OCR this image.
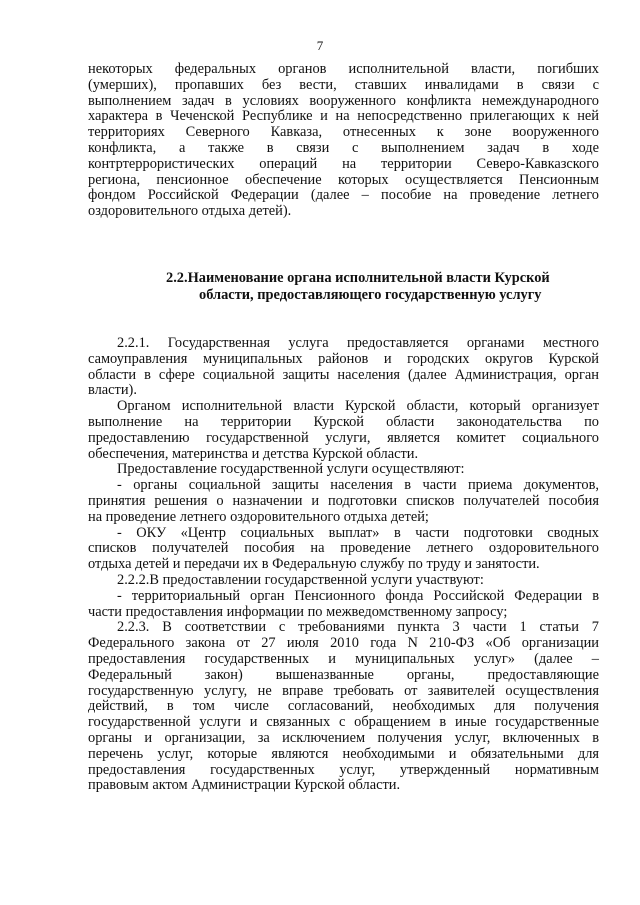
7
некоторых федеральных органов исполнительной власти, погибших
(умерших), пропавших без вести, ставших инвалидами в связи с
выполнением задач в условиях вооруженного конфликта немеждународного
характера в Чеченской Республике и на непосредственно прилегающих к ней
территориях Северного Кавказа, отнесенных к зоне вооруженного
конфликта, а также в связи с выполнением задач в ходе
контртеррористических операций на территории Северо-Кавказского
региона, пенсионное обеспечение которых осуществляется Пенсионным
фондом Российской Федерации (далее – пособие на проведение летнего
оздоровительного отдыха детей).
2.2.Наименование органа исполнительной власти Курской
области, предоставляющего государственную услугу
2.2.1. Государственная услуга предоставляется органами местного
самоуправления муниципальных районов и городских округов Курской
области в сфере социальной защиты населения (далее Администрация, орган
власти).
Органом исполнительной власти Курской области, который организует
выполнение на территории Курской области законодательства по
предоставлению государственной услуги, является комитет социального
обеспечения, материнства и детства Курской области.
Предоставление государственной услуги осуществляют:
- органы социальной защиты населения в части приема документов,
принятия решения о назначении и подготовки списков получателей пособия
на проведение летнего оздоровительного отдыха детей;
- ОКУ «Центр социальных выплат» в части подготовки сводных
списков получателей пособия на проведение летнего оздоровительного
отдыха детей и передачи их в Федеральную службу по труду и занятости.
2.2.2.В предоставлении государственной услуги участвуют:
- территориальный орган Пенсионного фонда Российской Федерации в
части предоставления информации по межведомственному запросу;
2.2.3. В соответствии с требованиями пункта 3 части 1 статьи 7
Федерального закона от 27 июля 2010 года N 210-ФЗ «Об организации
предоставления государственных и муниципальных услуг» (далее –
Федеральный закон) вышеназванные органы, предоставляющие
государственную услугу, не вправе требовать от заявителей осуществления
действий, в том числе согласований, необходимых для получения
государственной услуги и связанных с обращением в иные государственные
органы и организации, за исключением получения услуг, включенных в
перечень услуг, которые являются необходимыми и обязательными для
предоставления государственных услуг, утвержденный нормативным
правовым актом Администрации Курской области.
